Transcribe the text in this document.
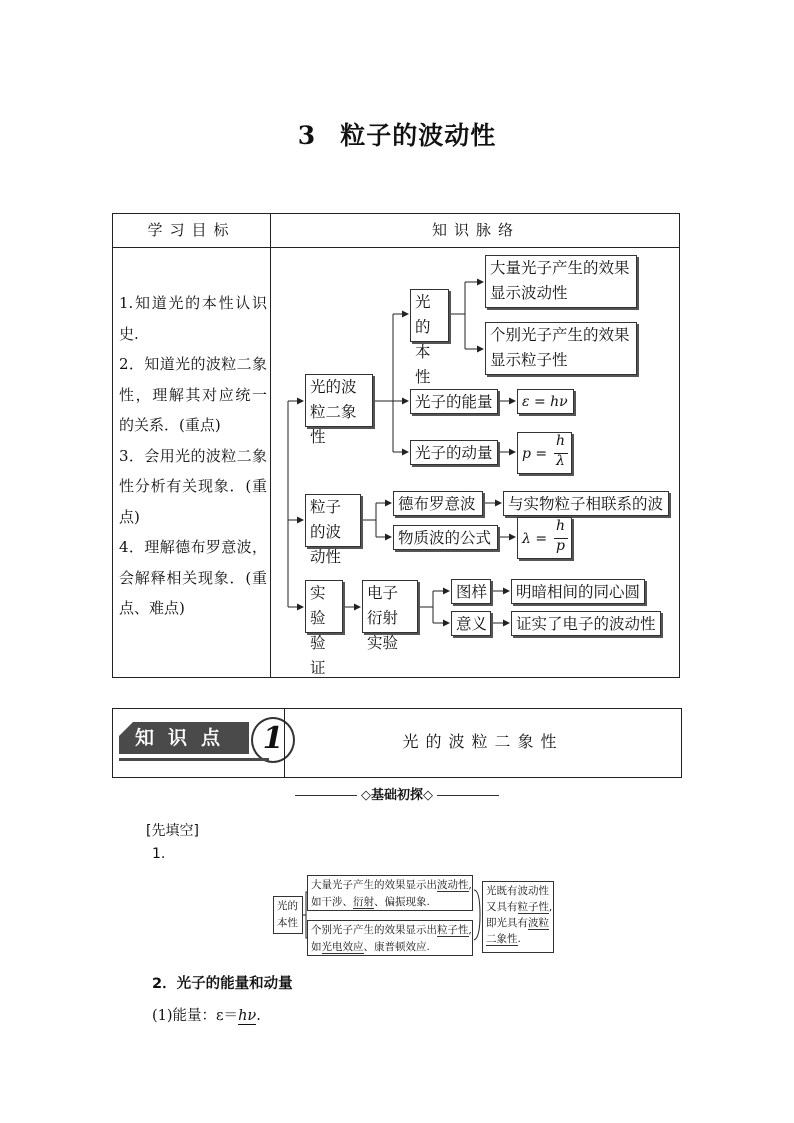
3 粒子的波动性
学习目标	知识脉络

1.知道光的本性认识史.

2．知道光的波粒二象性，理解其对应统一的关系．(重点)

3．会用光的波粒二象性分析有关现象．(重点)

4．理解德布罗意波，会解释相关现象．(重点、难点)

光的波粒二象性
光的本性
大量光子产生的效果显示波动性
个别光子产生的效果显示粒子性
光子的能量	ε = hν
光子的动量	p =
h
λ
粒子的波动性
德布罗意波	与实物粒子相联系的波
物质波的公式	λ =
h
p
实验验证
电子衍射实验
图样	明暗相间的同心圆
意义	证实了电子的波动性
知识点 1	光的波粒二象性
◇基础初探◇
[先填空]
1.
光的本性
大量光子产生的效果显示出波动性,
如干涉、衍射、偏振现象.
个别光子产生的效果显示出粒子性,
如光电效应、康普顿效应.
光既有波动性
又具有粒子性,
即光具有波粒
二象性.
2．光子的能量和动量
(1)能量：ε＝hν.
